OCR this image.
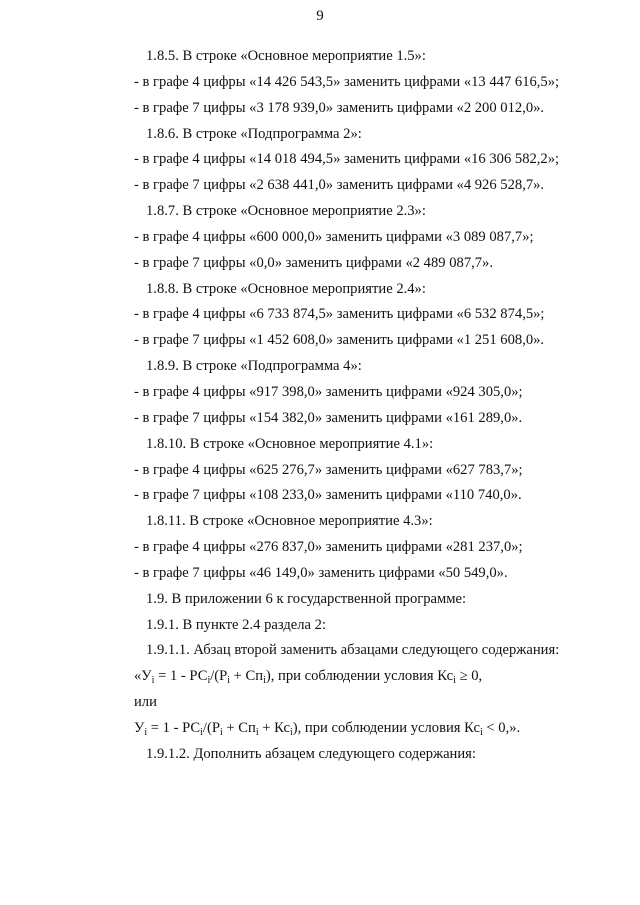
9
1.8.5. В строке «Основное мероприятие 1.5»:
- в графе 4 цифры «14 426 543,5» заменить цифрами «13 447 616,5»;
- в графе 7 цифры «3 178 939,0» заменить цифрами «2 200 012,0».
1.8.6. В строке «Подпрограмма 2»:
- в графе 4 цифры «14 018 494,5» заменить цифрами «16 306 582,2»;
- в графе 7 цифры «2 638 441,0» заменить цифрами «4 926 528,7».
1.8.7. В строке «Основное мероприятие 2.3»:
- в графе 4 цифры «600 000,0» заменить цифрами «3 089 087,7»;
- в графе 7 цифры «0,0» заменить цифрами «2 489 087,7».
1.8.8. В строке «Основное мероприятие 2.4»:
- в графе 4 цифры «6 733 874,5» заменить цифрами «6 532 874,5»;
- в графе 7 цифры «1 452 608,0» заменить цифрами «1 251 608,0».
1.8.9. В строке «Подпрограмма 4»:
- в графе 4 цифры «917 398,0» заменить цифрами «924 305,0»;
- в графе 7 цифры «154 382,0» заменить цифрами «161 289,0».
1.8.10. В строке «Основное мероприятие 4.1»:
- в графе 4 цифры «625 276,7» заменить цифрами «627 783,7»;
- в графе 7 цифры «108 233,0» заменить цифрами «110 740,0».
1.8.11. В строке «Основное мероприятие 4.3»:
- в графе 4 цифры «276 837,0» заменить цифрами «281 237,0»;
- в графе 7 цифры «46 149,0» заменить цифрами «50 549,0».
1.9. В приложении 6 к государственной программе:
1.9.1. В пункте 2.4 раздела 2:
1.9.1.1. Абзац второй заменить абзацами следующего содержания:
«$У_i = 1 - РС_i/(Р_i + Сп_i)$, при соблюдении условия $Кс_i \ge 0$,
или
$У_i = 1 - РС_i/(Р_i + Сп_i + Кс_i)$, при соблюдении условия $Кс_i < 0$,».
1.9.1.2. Дополнить абзацем следующего содержания:
